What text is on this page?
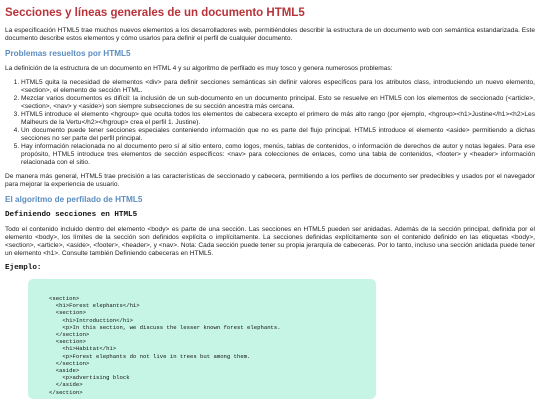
Secciones y líneas generales de un documento HTML5

La especificación HTML5 trae muchos nuevos elementos a los desarrolladores web, permitiéndoles describir la estructura de un documento web con semántica estandarizada. Este documento describe estos elementos y cómo usarlos para definir el perfil de cualquier documento.

Problemas resueltos por HTML5

La definición de la estructura de un documento en HTML 4 y su algoritmo de perfilado es muy tosco y genera numerosos problemas:

1. HTML5 quita la necesidad de elementos <div> para definir secciones semánticas sin definir valores específicos para los atributos class, introduciendo un nuevo elemento, <section>, el elemento de sección HTML.
2. Mezclar varios documentos es difícil: la inclusión de un sub-documento en un documento principal. Esto se resuelve en HTML5 con los elementos de seccionado (<article>, <section>, <nav> y <aside>) son siempre subsecciones de su sección ancestra más cercana.
3. HTML5 introduce el elemento <hgroup> que oculta todos los elementos de cabecera excepto el primero de más alto rango (por ejemplo, <hgroup><h1>Justine</h1><h2>Les Malheurs de la Vertu</h2></hgroup> crea el perfil 1. Justine).
4. Un documento puede tener secciones especiales conteniendo información que no es parte del flujo principal. HTML5 introduce el elemento <aside> permitiendo a dichas secciones no ser parte del perfil principal.
5. Hay información relacionada no al documento pero sí al sitio entero, como logos, menús, tablas de contenidos, o información de derechos de autor y notas legales. Para ese propósito, HTML5 introduce tres elementos de sección específicos: <nav> para colecciones de enlaces, como una tabla de contenidos, <footer> y <header> información relacionada con el sitio.

De manera más general, HTML5 trae precisión a las características de seccionado y cabecera, permitiendo a los perfiles de documento ser predecibles y usados por el navegador para mejorar la experiencia de usuario.

El algoritmo de perfilado de HTML5
Definiendo secciones en HTML5

Todo el contenido incluido dentro del elemento <body> es parte de una sección. Las secciones en HTML5 pueden ser anidadas. Además de la sección principal, definida por el elemento <body>, los límites de la sección son definidos explícita o implícitamente. La secciones definidas explícitamente son el contenido definido en las etiquetas <body>, <section>, <article>, <aside>, <footer>, <header>, y <nav>. Nota: Cada sección puede tener su propia jerarquía de cabeceras. Por lo tanto, incluso una sección anidada puede tener un elemento <h1>. Consulte también Definiendo cabeceras en HTML5.

Ejemplo:
<section>
<h1>Forest elephants</h1>
<section>
<h1>Introduction</h1>
<p>In this section, we discuss the lesser known forest elephants.
</section>
<section>
<h1>Habitat</h1>
<p>Forest elephants do not live in trees but among them.
</section>
<aside>
<p>advertising block
</aside>
</section>
